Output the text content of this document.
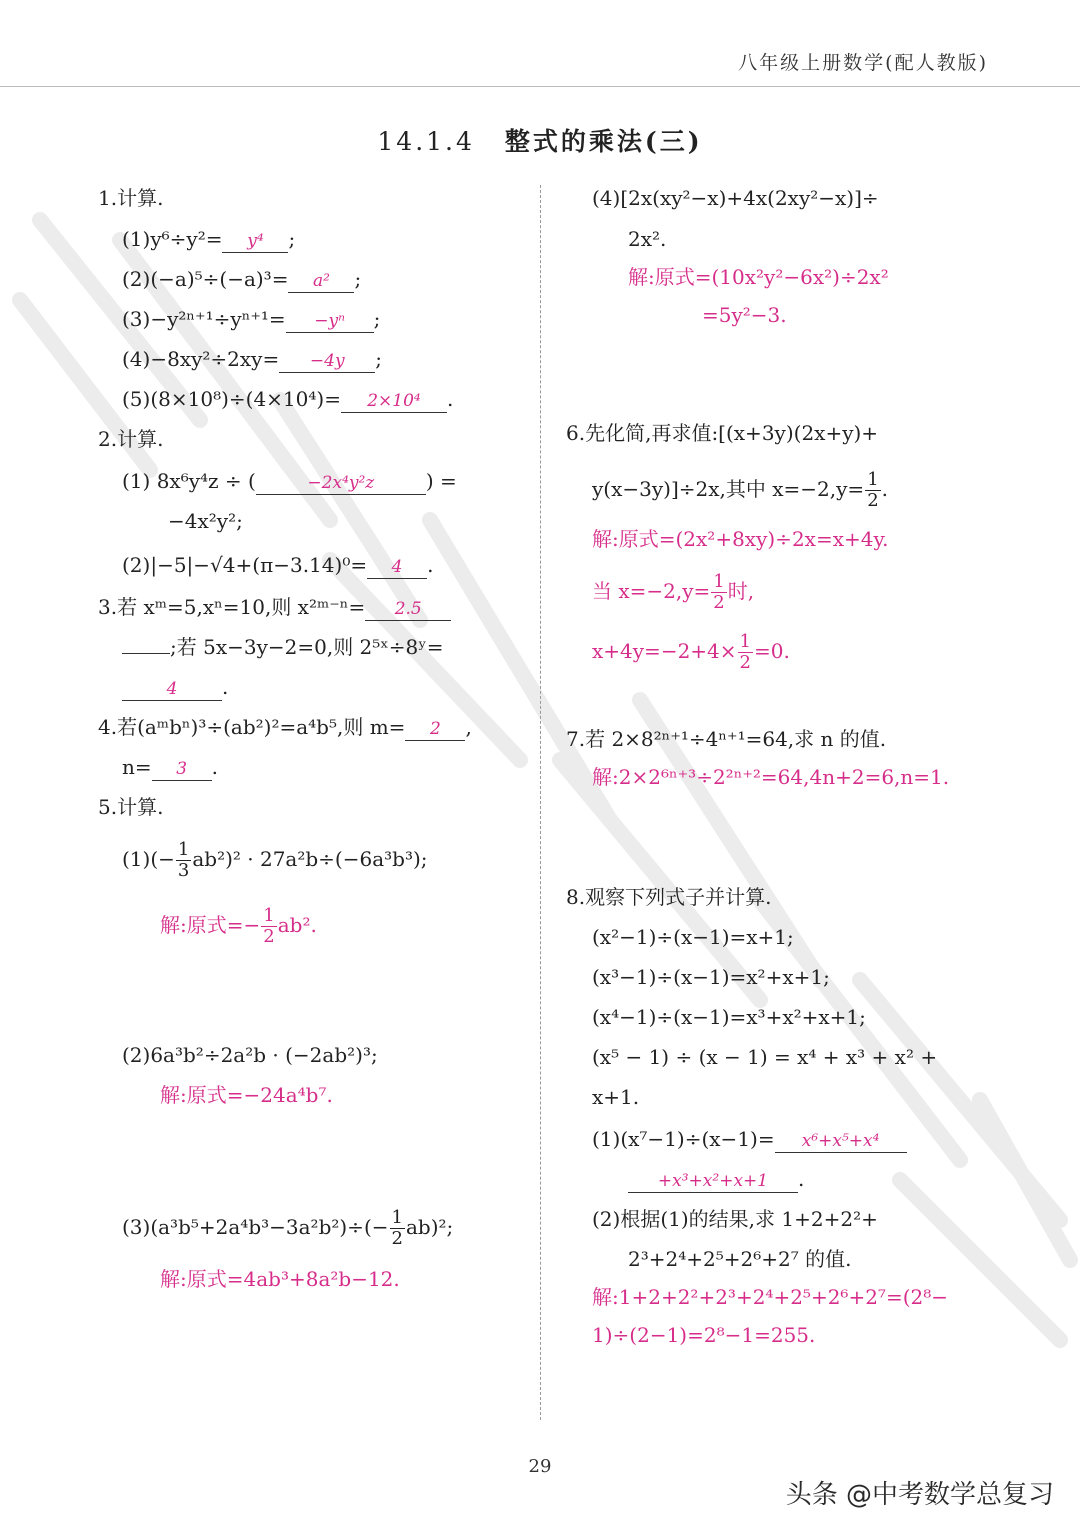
八年级上册数学(配人教版)
14.1.4 整式的乘法(三)
1.计算.
(1)y⁶÷y²= y⁴ ;
(2)(−a)⁵÷(−a)³= a² ;
(3)−y²ⁿ⁺¹÷yⁿ⁺¹= −yⁿ ;
(4)−8xy²÷2xy= −4y ;
(5)(8×10⁸)÷(4×10⁴)= 2×10⁴ .
2.计算.
(1) 8x⁶y⁴z ÷ (	−2x⁴y²z	) =
−4x²y²;
(2)|−5|−√4+(π−3.14)⁰= 4 .
3.若 xᵐ=5,xⁿ=10,则 x²ᵐ⁻ⁿ= 2.5
;若 5x−3y−2=0,则 2⁵ˣ÷8ʸ=
4 .
4.若(aᵐbⁿ)³÷(ab²)²=a⁴b⁵,则 m= 2 ,
n= 3 .
5.计算.
$(1)(- \frac{1}{3} ab^2)^2 \cdot 27a^2b\div(-6a^3b^3)$;
解:原式=− $\frac{1}{2} ab^2$.
(2)6a³b²÷2a²b · (−2ab²)³;
解:原式=−24a⁴b⁷.
$(3)(a^3b^5+2a^4b^3-3a^2b^2)\div(- \frac{1}{2} ab)^2$;
解:原式=4ab³+8a²b−12.
(4)[2x(xy²−x)+4x(2xy²−x)]÷
2x².
解:原式=(10x²y²−6x²)÷2x²
=5y²−3.
6.先化简,再求值:[(x+3y)(2x+y)+
y(x−3y)]÷2x,其中 $x=-2,y= \frac{1}{2}$ .
解:原式=(2x²+8xy)÷2x=x+4y.
当 $x=-2,y= \frac{1}{2}$ 时,
$x+4y=-2+4\times \frac{1}{2} =0$.
7.若 2×8²ⁿ⁺¹÷4ⁿ⁺¹=64,求 n 的值.
解:2×2⁶ⁿ⁺³÷2²ⁿ⁺²=64,4n+2=6,n=1.
8.观察下列式子并计算.
(x²−1)÷(x−1)=x+1;
(x³−1)÷(x−1)=x²+x+1;
(x⁴−1)÷(x−1)=x³+x²+x+1;
(x⁵ − 1) ÷ (x − 1) = x⁴ + x³ + x² +
x+1.
(1)(x⁷−1)÷(x−1)= x⁶+x⁵+x⁴
+x³+x²+x+1 .
(2)根据(1)的结果,求 1+2+2²+
2³+2⁴+2⁵+2⁶+2⁷ 的值.
解:1+2+2²+2³+2⁴+2⁵+2⁶+2⁷=(2⁸−
1)÷(2−1)=2⁸−1=255.
29
头条 @中考数学总复习
